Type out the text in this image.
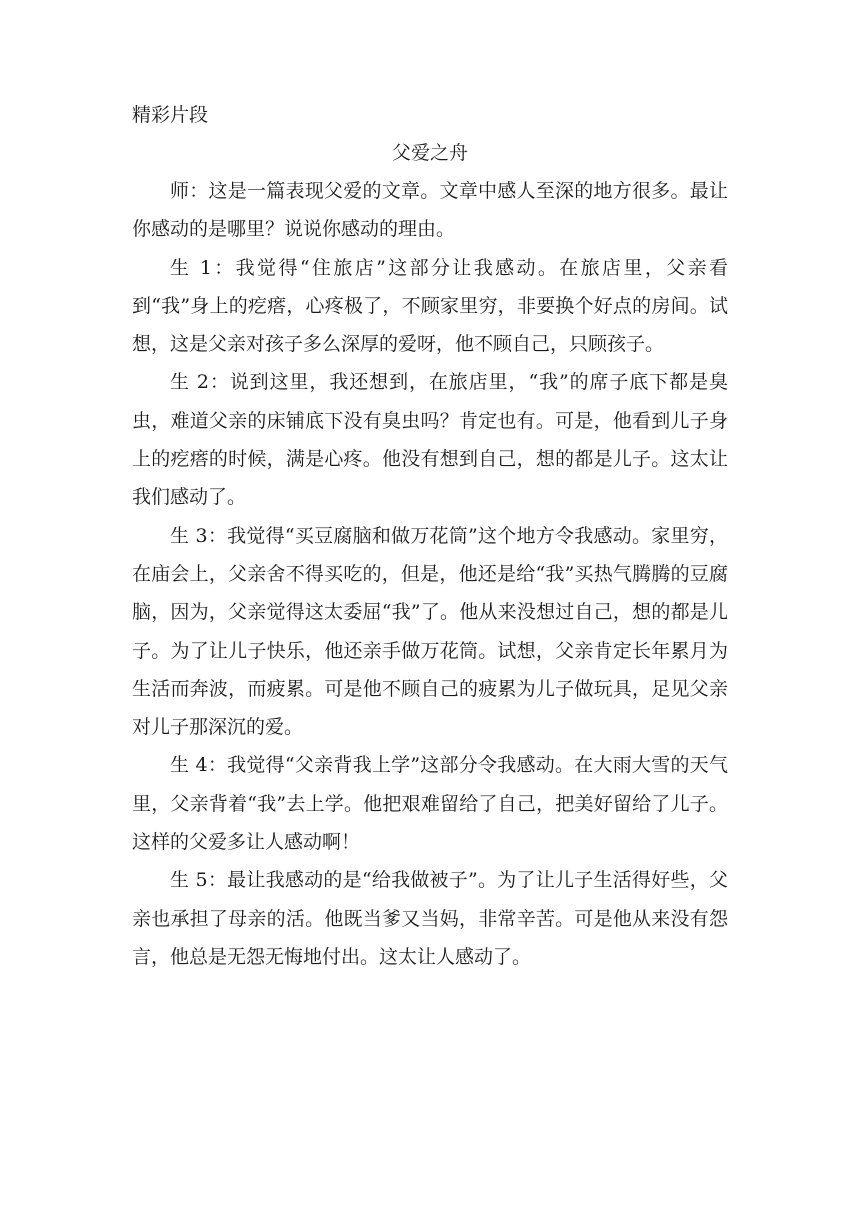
精彩片段

父爱之舟

师：这是一篇表现父爱的文章。文章中感人至深的地方很多。最让你感动的是哪里？说说你感动的理由。

生 1：我觉得“住旅店”这部分让我感动。在旅店里，父亲看到“我”身上的疙瘩，心疼极了，不顾家里穷，非要换个好点的房间。试想，这是父亲对孩子多么深厚的爱呀，他不顾自己，只顾孩子。

生 2：说到这里，我还想到，在旅店里，“我”的席子底下都是臭虫，难道父亲的床铺底下没有臭虫吗？肯定也有。可是，他看到儿子身上的疙瘩的时候，满是心疼。他没有想到自己，想的都是儿子。这太让我们感动了。

生 3：我觉得“买豆腐脑和做万花筒”这个地方令我感动。家里穷，在庙会上，父亲舍不得买吃的，但是，他还是给“我”买热气腾腾的豆腐脑，因为，父亲觉得这太委屈“我”了。他从来没想过自己，想的都是儿子。为了让儿子快乐，他还亲手做万花筒。试想，父亲肯定长年累月为生活而奔波，而疲累。可是他不顾自己的疲累为儿子做玩具，足见父亲对儿子那深沉的爱。

生 4：我觉得“父亲背我上学”这部分令我感动。在大雨大雪的天气里，父亲背着“我”去上学。他把艰难留给了自己，把美好留给了儿子。这样的父爱多让人感动啊！

生 5：最让我感动的是“给我做被子”。为了让儿子生活得好些，父亲也承担了母亲的活。他既当爹又当妈，非常辛苦。可是他从来没有怨言，他总是无怨无悔地付出。这太让人感动了。
